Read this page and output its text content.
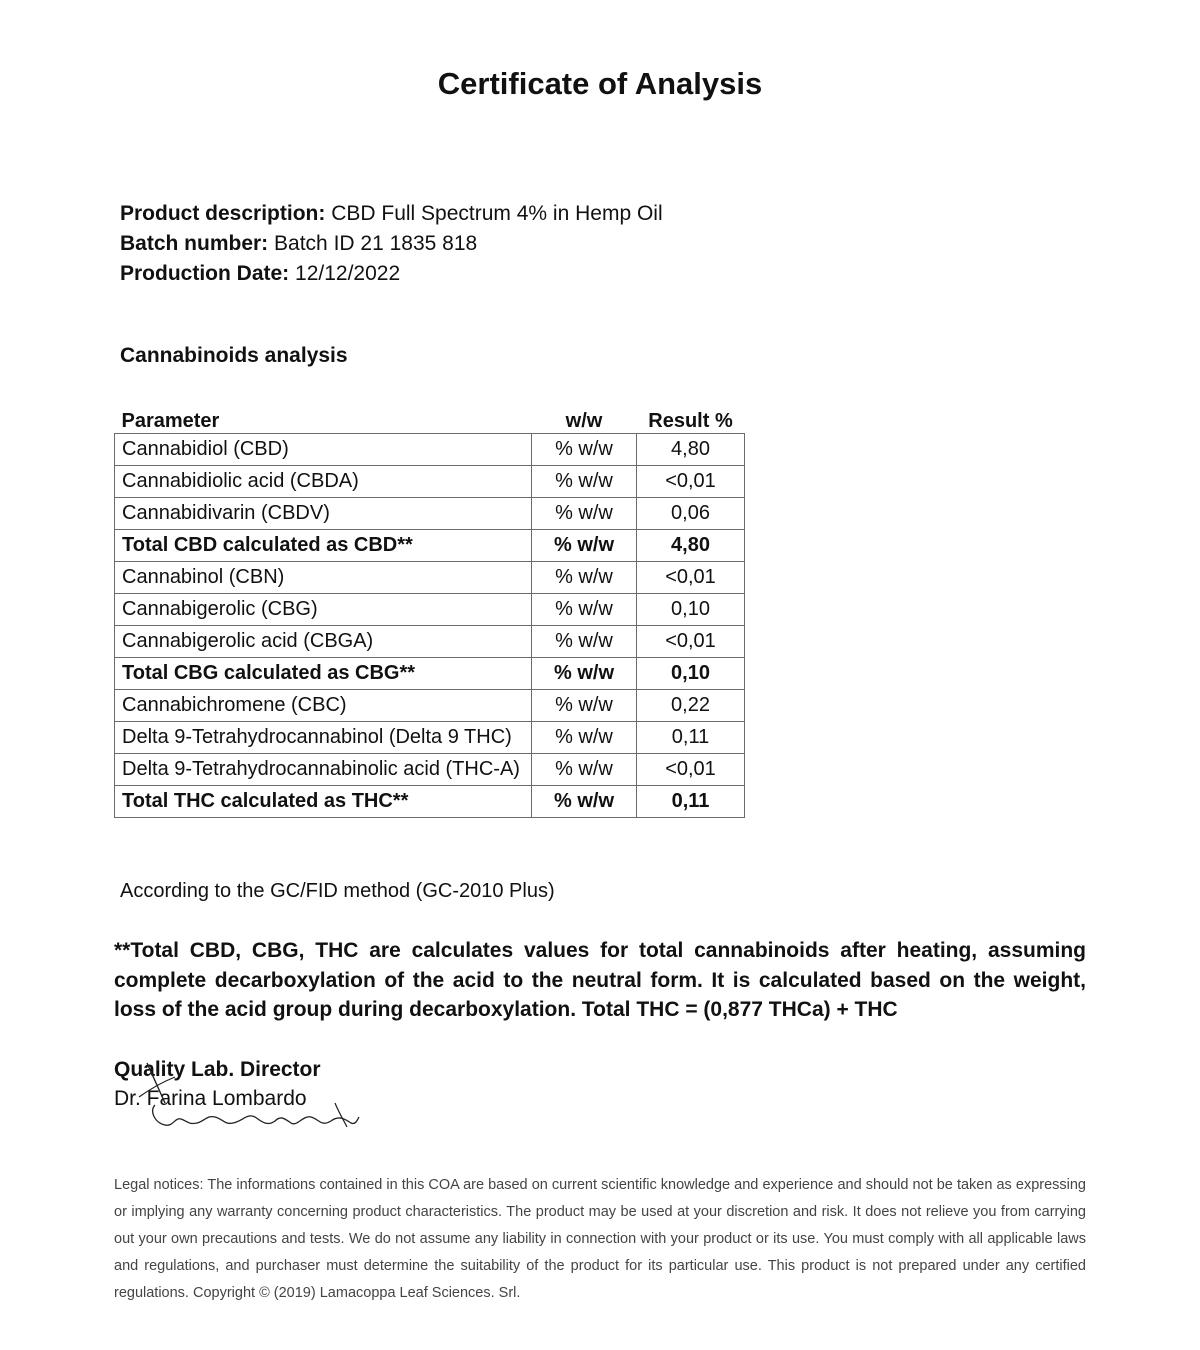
Certificate of Analysis
Product description: CBD Full Spectrum 4% in Hemp Oil
Batch number: Batch ID 21 1835 818
Production Date: 12/12/2022
Cannabinoids analysis
Parameter	w/w	Result %
Cannabidiol (CBD)	% w/w	4,80
Cannabidiolic acid (CBDA)	% w/w	<0,01
Cannabidivarin (CBDV)	% w/w	0,06
Total CBD calculated as CBD**	% w/w	4,80
Cannabinol (CBN)	% w/w	<0,01
Cannabigerolic (CBG)	% w/w	0,10
Cannabigerolic acid (CBGA)	% w/w	<0,01
Total CBG calculated as CBG**	% w/w	0,10
Cannabichromene (CBC)	% w/w	0,22
Delta 9-Tetrahydrocannabinol (Delta 9 THC)	% w/w	0,11
Delta 9-Tetrahydrocannabinolic acid (THC-A)	% w/w	<0,01
Total THC calculated as THC**	% w/w	0,11
According to the GC/FID method (GC-2010 Plus)
**Total CBD, CBG, THC are calculates values for total cannabinoids after heating, assuming complete decarboxylation of the acid to the neutral form. It is calculated based on the weight, loss of the acid group during decarboxylation. Total THC = (0,877 THCa) + THC
Quality Lab. Director
Dr. Farina Lombardo
Legal notices: The informations contained in this COA are based on current scientific knowledge and experience and should not be taken as expressing or implying any warranty concerning product characteristics. The product may be used at your discretion and risk. It does not relieve you from carrying out your own precautions and tests. We do not assume any liability in connection with your product or its use. You must comply with all applicable laws and regulations, and purchaser must determine the suitability of the product for its particular use. This product is not prepared under any certified regulations. Copyright © (2019) Lamacoppa Leaf Sciences. Srl.
